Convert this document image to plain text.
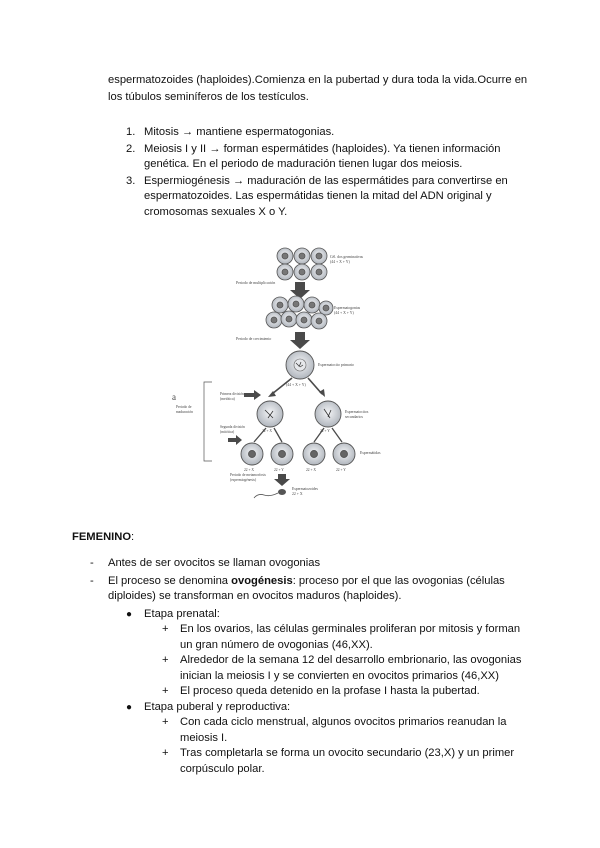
espermatozoides (haploides).Comienza en la pubertad y dura toda la vida.Ocurre en
los túbulos seminíferos de los testículos.
1. Mitosis → mantiene espermatogonias.
2. Meiosis I y II → forman espermátides (haploides). Ya tienen información
genética. En el periodo de maduración tienen lugar dos meiosis.
3. Espermiogénesis → maduración de las espermátides para convertirse en
espermatozoides. Las espermátidas tienen la mitad del ADN original y
cromosomas sexuales X o Y.
Cél. dos germinativas
(44 + X + Y)
Periodo de multiplicación
Espermatogonias
(44 + X + Y)
Periodo de crecimiento
Espermatocito primario
(44 + X + Y)
a
Periodo de
maduración
Primera división
(meiótica)
Espermatocitos
secundarios
22 + X	22 + Y
Segunda división
(mitótica)
22 + X	22 + Y	22 + X	22 + Y
Espermátidas
Periodo de metamorfosis
(espermiogénesis)
Espermatozoides
22 + X
FEMENINO:
- Antes de ser ovocitos se llaman ovogonias
- El proceso se denomina ovogénesis: proceso por el que las ovogonias (células
diploides) se transforman en ovocitos maduros (haploides).
● Etapa prenatal:
+ En los ovarios, las células germinales proliferan por mitosis y forman
un gran número de ovogonias (46,XX).
+ Alrededor de la semana 12 del desarrollo embrionario, las ovogonias
inician la meiosis I y se convierten en ovocitos primarios (46,XX)
+ El proceso queda detenido en la profase I hasta la pubertad.
● Etapa puberal y reproductiva:
+ Con cada ciclo menstrual, algunos ovocitos primarios reanudan la
meiosis I.
+ Tras completarla se forma un ovocito secundario (23,X) y un primer
corpúsculo polar.
